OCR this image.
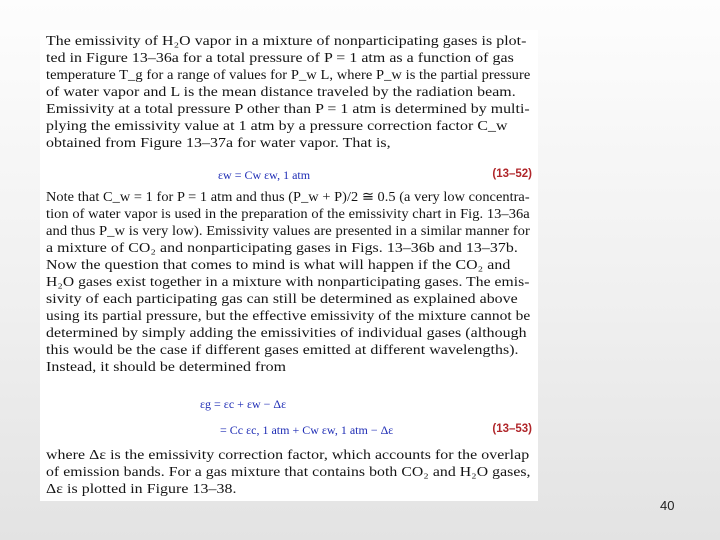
The emissivity of H₂O vapor in a mixture of nonparticipating gases is plot-
ted in Figure 13–36a for a total pressure of P = 1 atm as a function of gas
temperature T_g for a range of values for P_w L, where P_w is the partial pressure
of water vapor and L is the mean distance traveled by the radiation beam.
Emissivity at a total pressure P other than P = 1 atm is determined by multi-
plying the emissivity value at 1 atm by a pressure correction factor C_w
obtained from Figure 13–37a for water vapor. That is,
εw = Cw εw, 1 atm	(13–52)
Note that C_w = 1 for P = 1 atm and thus (P_w + P)/2 ≅ 0.5 (a very low concentra-
tion of water vapor is used in the preparation of the emissivity chart in Fig. 13–36a
and thus P_w is very low). Emissivity values are presented in a similar manner for
a mixture of CO₂ and nonparticipating gases in Figs. 13–36b and 13–37b.
Now the question that comes to mind is what will happen if the CO₂ and
H₂O gases exist together in a mixture with nonparticipating gases. The emis-
sivity of each participating gas can still be determined as explained above
using its partial pressure, but the effective emissivity of the mixture cannot be
determined by simply adding the emissivities of individual gases (although
this would be the case if different gases emitted at different wavelengths).
Instead, it should be determined from
εg = εc + εw − Δε
= Cc εc, 1 atm + Cw εw, 1 atm − Δε	(13–53)
where Δε is the emissivity correction factor, which accounts for the overlap
of emission bands. For a gas mixture that contains both CO₂ and H₂O gases,
Δε is plotted in Figure 13–38.
40
